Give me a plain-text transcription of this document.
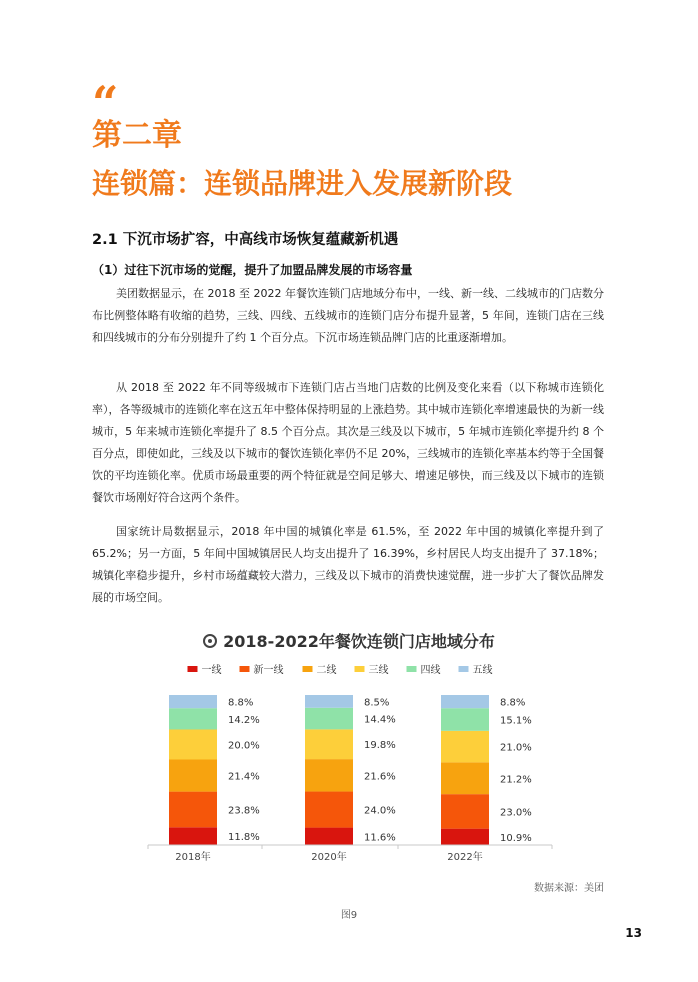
“
第二章
连锁篇：连锁品牌进入发展新阶段
2.1 下沉市场扩容，中高线市场恢复蕴藏新机遇
（1）过往下沉市场的觉醒，提升了加盟品牌发展的市场容量

美团数据显示，在 2018 至 2022 年餐饮连锁门店地域分布中，一线、新一线、二线城市的门店数分布比例整体略有收缩的趋势，三线、四线、五线城市的连锁门店分布提升显著，5 年间，连锁门店在三线和四线城市的分布分别提升了约 1 个百分点。下沉市场连锁品牌门店的比重逐渐增加。

从 2018 至 2022 年不同等级城市下连锁门店占当地门店数的比例及变化来看（以下称城市连锁化率），各等级城市的连锁化率在这五年中整体保持明显的上涨趋势。其中城市连锁化率增速最快的为新一线城市，5 年来城市连锁化率提升了 8.5 个百分点。其次是三线及以下城市，5 年城市连锁化率提升约 8 个百分点，即使如此，三线及以下城市的餐饮连锁化率仍不足 20%，三线城市的连锁化率基本约等于全国餐饮的平均连锁化率。优质市场最重要的两个特征就是空间足够大、增速足够快，而三线及以下城市的连锁餐饮市场刚好符合这两个条件。

国家统计局数据显示，2018 年中国的城镇化率是 61.5%，至 2022 年中国的城镇化率提升到了 65.2%；另一方面，5 年间中国城镇居民人均支出提升了 16.39%，乡村居民人均支出提升了 37.18%；城镇化率稳步提升，乡村市场蕴藏较大潜力，三线及以下城市的消费快速觉醒，进一步扩大了餐饮品牌发展的市场空间。

2018-2022年餐饮连锁门店地域分布
一线	新一线	二线	三线	四线	五线
11.8%
23.8%
21.4%
20.0%
14.2%
8.8%
11.6%
24.0%
21.6%
19.8%
14.4%
8.5%
10.9%
23.0%
21.2%
21.0%
15.1%
8.8%
2018年	2020年	2022年
数据来源：美团
图9
13
